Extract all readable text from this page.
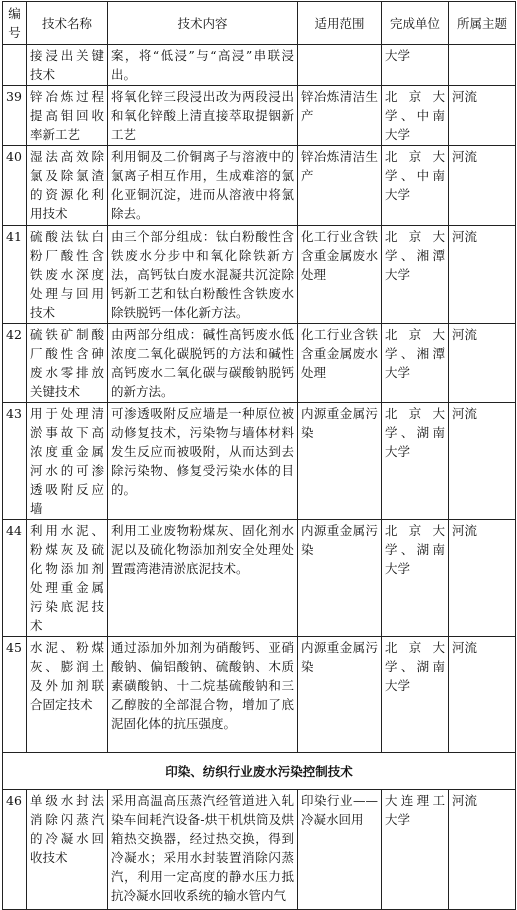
编号	技术名称	技术内容	适用范围	完成单位	所属主题
	接浸出关键技术	案，将“低浸”与“高浸”串联浸出。		大学	
39	锌冶炼过程提高钼回收率新工艺	将氧化锌三段浸出改为两段浸出和氧化锌酸上清直接萃取提铟新工艺	锌冶炼清洁生产	北京大学、中南大学	河流
40	湿法高效除氯及除氯渣的资源化利用技术	利用铜及二价铜离子与溶液中的氯离子相互作用，生成难溶的氯化亚铜沉淀，进而从溶液中将氯除去。	锌冶炼清洁生产	北京大学、中南大学	河流
41	硫酸法钛白粉厂酸性含铁废水深度处理与回用技术	由三个部分组成：钛白粉酸性含铁废水分步中和氧化除铁新方法，高钙钛白废水混凝共沉淀除钙新工艺和钛白粉酸性含铁废水除铁脱钙一体化新方法。	化工行业含铁含重金属废水处理	北京大学、湘潭大学	河流
42	硫铁矿制酸厂酸性含砷废水零排放关键技术	由两部分组成：碱性高钙废水低浓度二氧化碳脱钙的方法和碱性高钙废水二氧化碳与碳酸钠脱钙的新方法。	化工行业含铁含重金属废水处理	北京大学、湘潭大学	河流
43	用于处理清淤事故下高浓度重金属河水的可渗透吸附反应墙	可渗透吸附反应墙是一种原位被动修复技术，污染物与墙体材料发生反应而被吸附，从而达到去除污染物、修复受污染水体的目的。	内源重金属污染	北京大学、湖南大学	河流
44	利用水泥、粉煤灰及硫化物添加剂处理重金属污染底泥技术	利用工业废物粉煤灰、固化剂水泥以及硫化物添加剂安全处理处置霞湾港清淤底泥技术。	内源重金属污染	北京大学、湖南大学	河流
45	水泥、粉煤灰、膨润土及外加剂联合固定技术	通过添加外加剂为硝酸钙、亚硝酸钠、偏铝酸钠、硫酸钠、木质素磺酸钠、十二烷基硫酸钠和三乙醇胺的全部混合物，增加了底泥固化体的抗压强度。	内源重金属污染	北京大学、湖南大学	河流
印染、纺织行业废水污染控制技术					
46	单级水封法消除闪蒸汽的冷凝水回收技术	采用高温高压蒸汽经管道进入轧染车间耗汽设备-烘干机烘筒及烘箱热交换器，经过热交换，得到冷凝水；采用水封装置消除闪蒸汽，利用一定高度的静水压力抵抗冷凝水回收系统的输水管内气	印染行业——冷凝水回用	大连理工大学	河流
